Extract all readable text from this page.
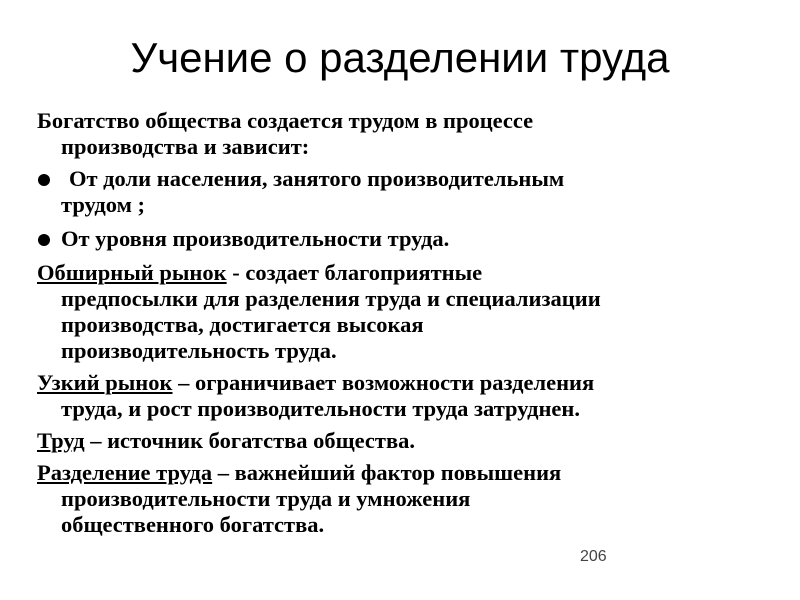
Учение о разделении труда
Богатство общества создается трудом в процессе
производства и зависит:
От доли населения, занятого производительным
трудом ;
От уровня производительности труда.
Обширный рынок - создает благоприятные
предпосылки для разделения труда и специализации
производства, достигается высокая
производительность труда.
Узкий рынок – ограничивает возможности разделения
труда, и рост производительности труда затруднен.
Труд – источник богатства общества.
Разделение труда – важнейший фактор повышения
производительности труда и умножения
общественного богатства.
206
